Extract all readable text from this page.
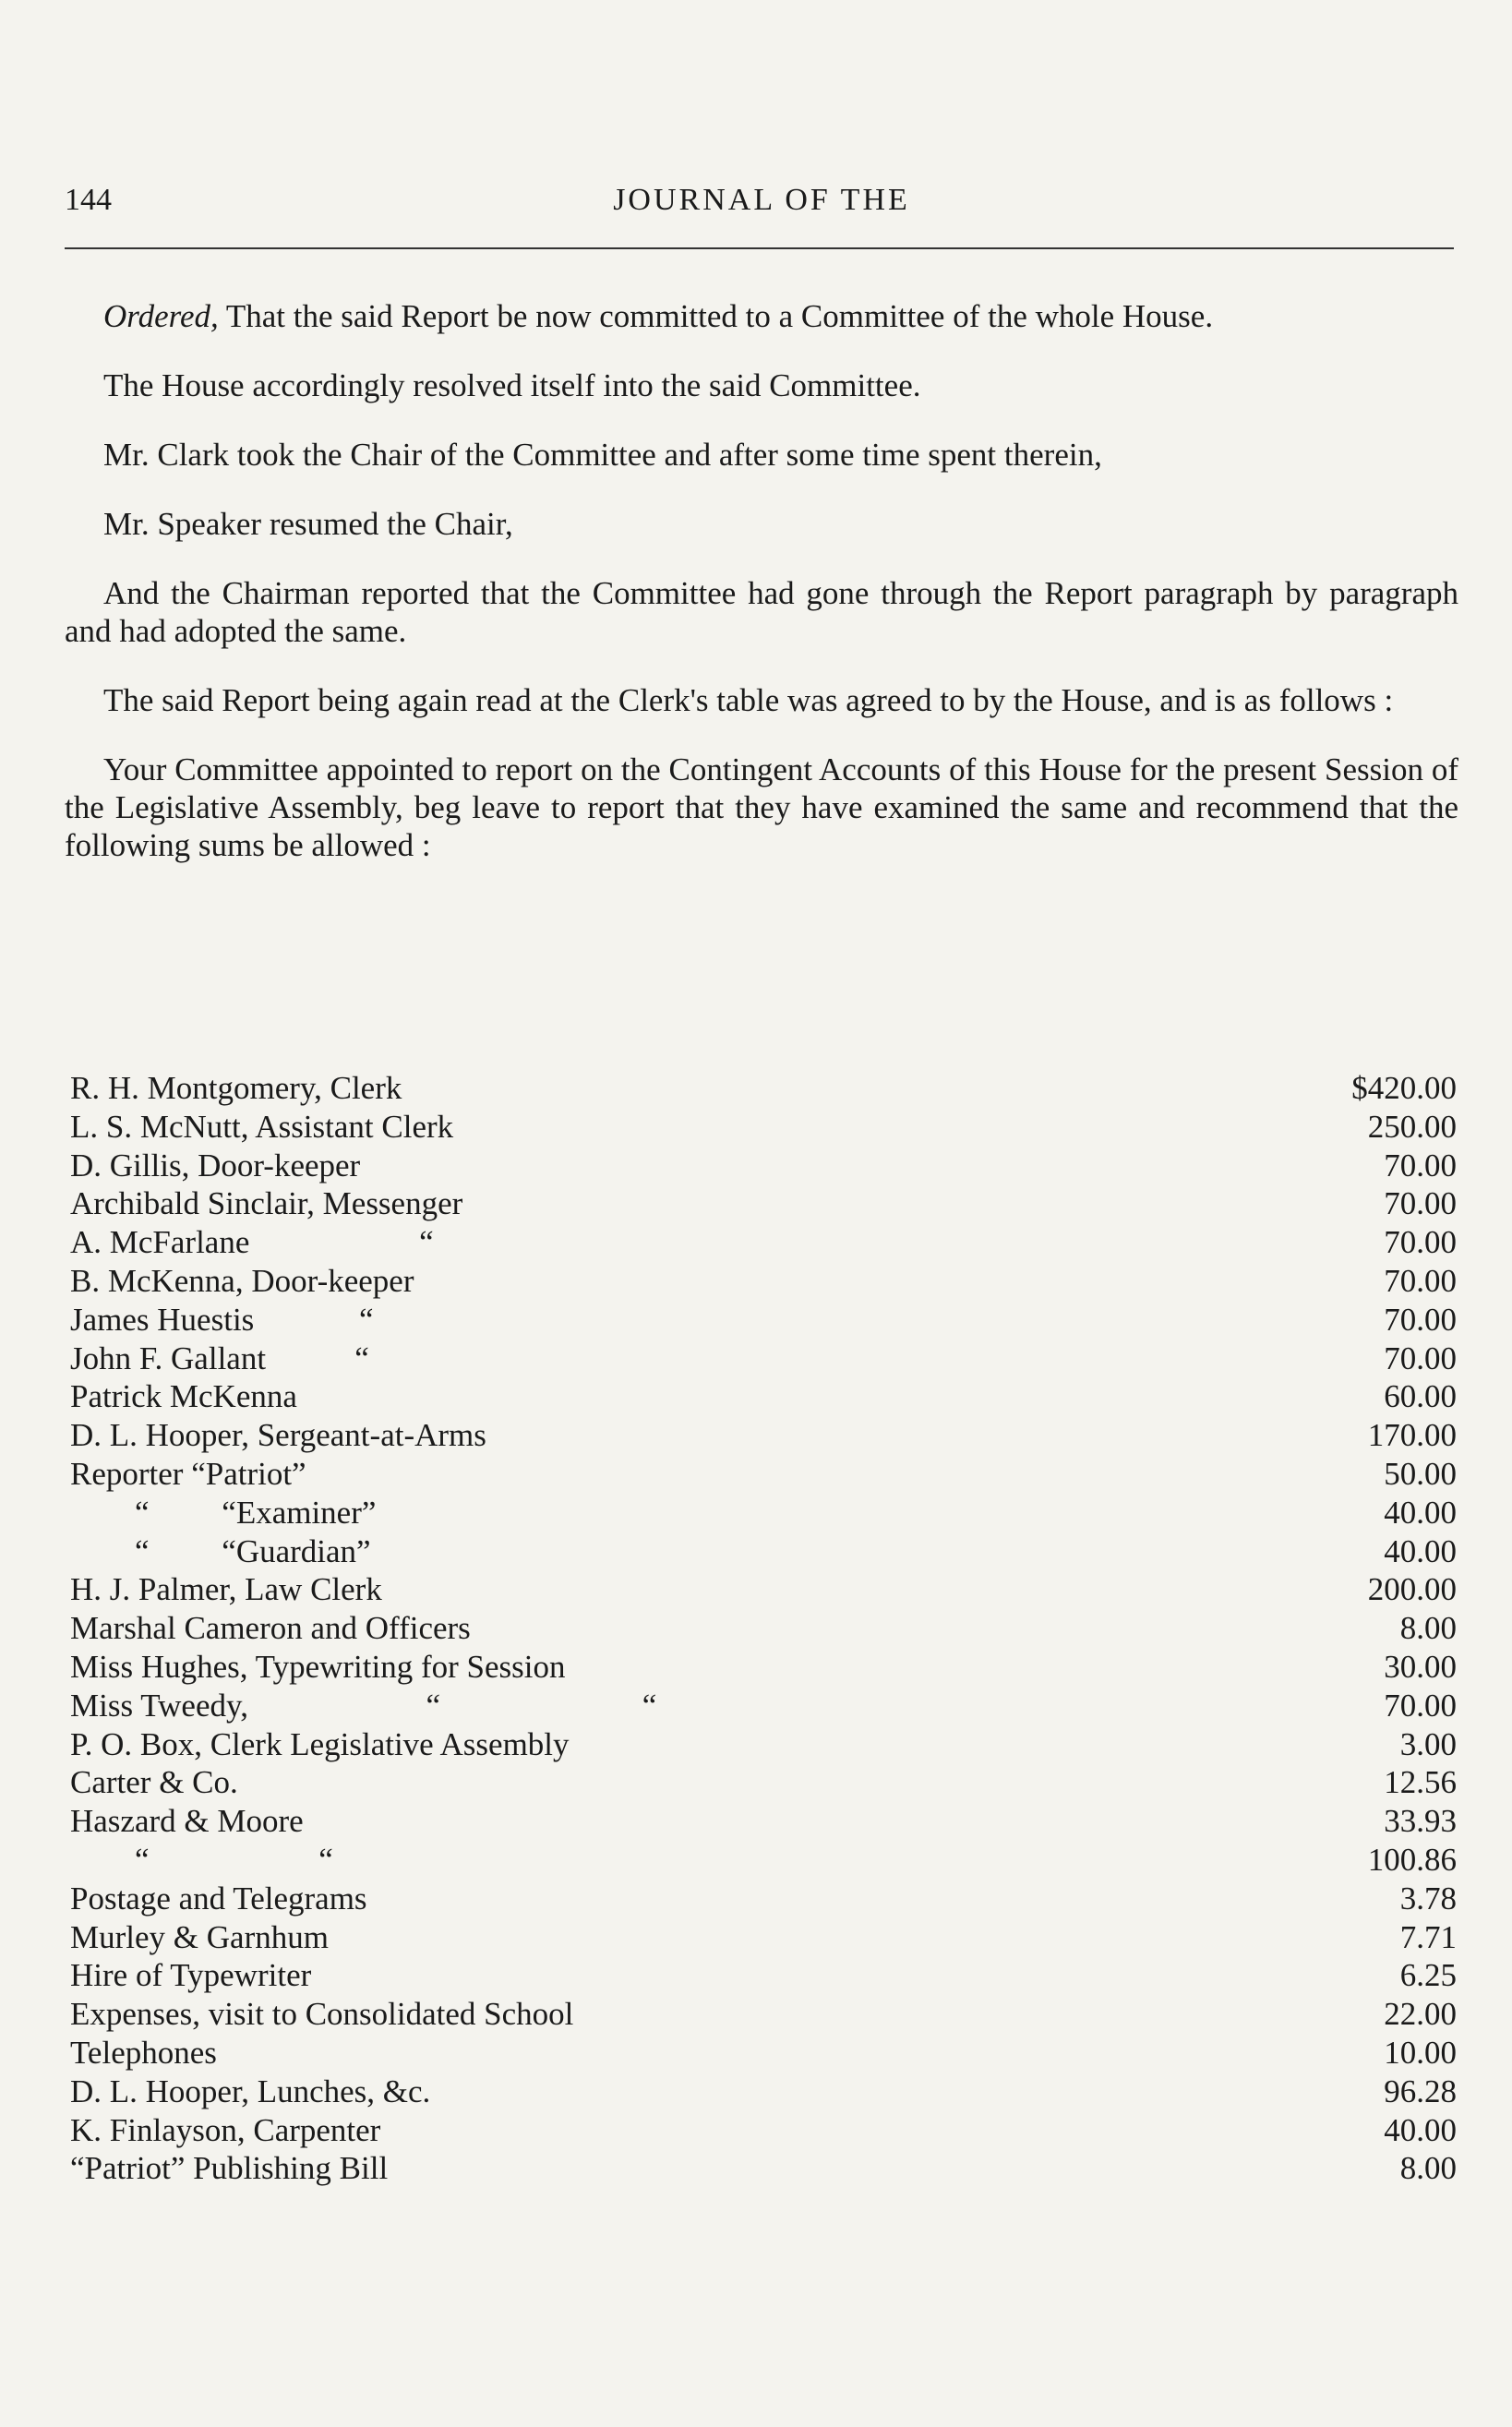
144	JOURNAL OF THE

Ordered, That the said Report be now committed to a Committee of the whole House.

The House accordingly resolved itself into the said Committee.

Mr. Clark took the Chair of the Committee and after some time spent therein,

Mr. Speaker resumed the Chair,

And the Chairman reported that the Committee had gone through the Report paragraph by paragraph and had adopted the same.

The said Report being again read at the Clerk's table was agreed to by the House, and is as follows :

Your Committee appointed to report on the Contingent Accounts of this House for the present Session of the Legislative Assembly, beg leave to report that they have examined the same and recommend that the following sums be allowed :

R. H. Montgomery, Clerk	$420.00
L. S. McNutt, Assistant Clerk	250.00
D. Gillis, Door-keeper	70.00
Archibald Sinclair, Messenger	70.00
A. McFarlane                     “	70.00
B. McKenna, Door-keeper	70.00
James Huestis             “	70.00
John F. Gallant           “	70.00
Patrick McKenna	60.00
D. L. Hooper, Sergeant-at-Arms	170.00
Reporter “Patriot”	50.00
“         “Examiner”	40.00
“         “Guardian”	40.00
H. J. Palmer, Law Clerk	200.00
Marshal Cameron and Officers	8.00
Miss Hughes, Typewriting for Session	30.00
Miss Tweedy,                      “                         “	70.00
P. O. Box, Clerk Legislative Assembly	3.00
Carter & Co.	12.56
Haszard & Moore	33.93
“                     “	100.86
Postage and Telegrams	3.78
Murley & Garnhum	7.71
Hire of Typewriter	6.25
Expenses, visit to Consolidated School	22.00
Telephones	10.00
D. L. Hooper, Lunches, &c.	96.28
K. Finlayson, Carpenter	40.00
“Patriot” Publishing Bill	8.00
